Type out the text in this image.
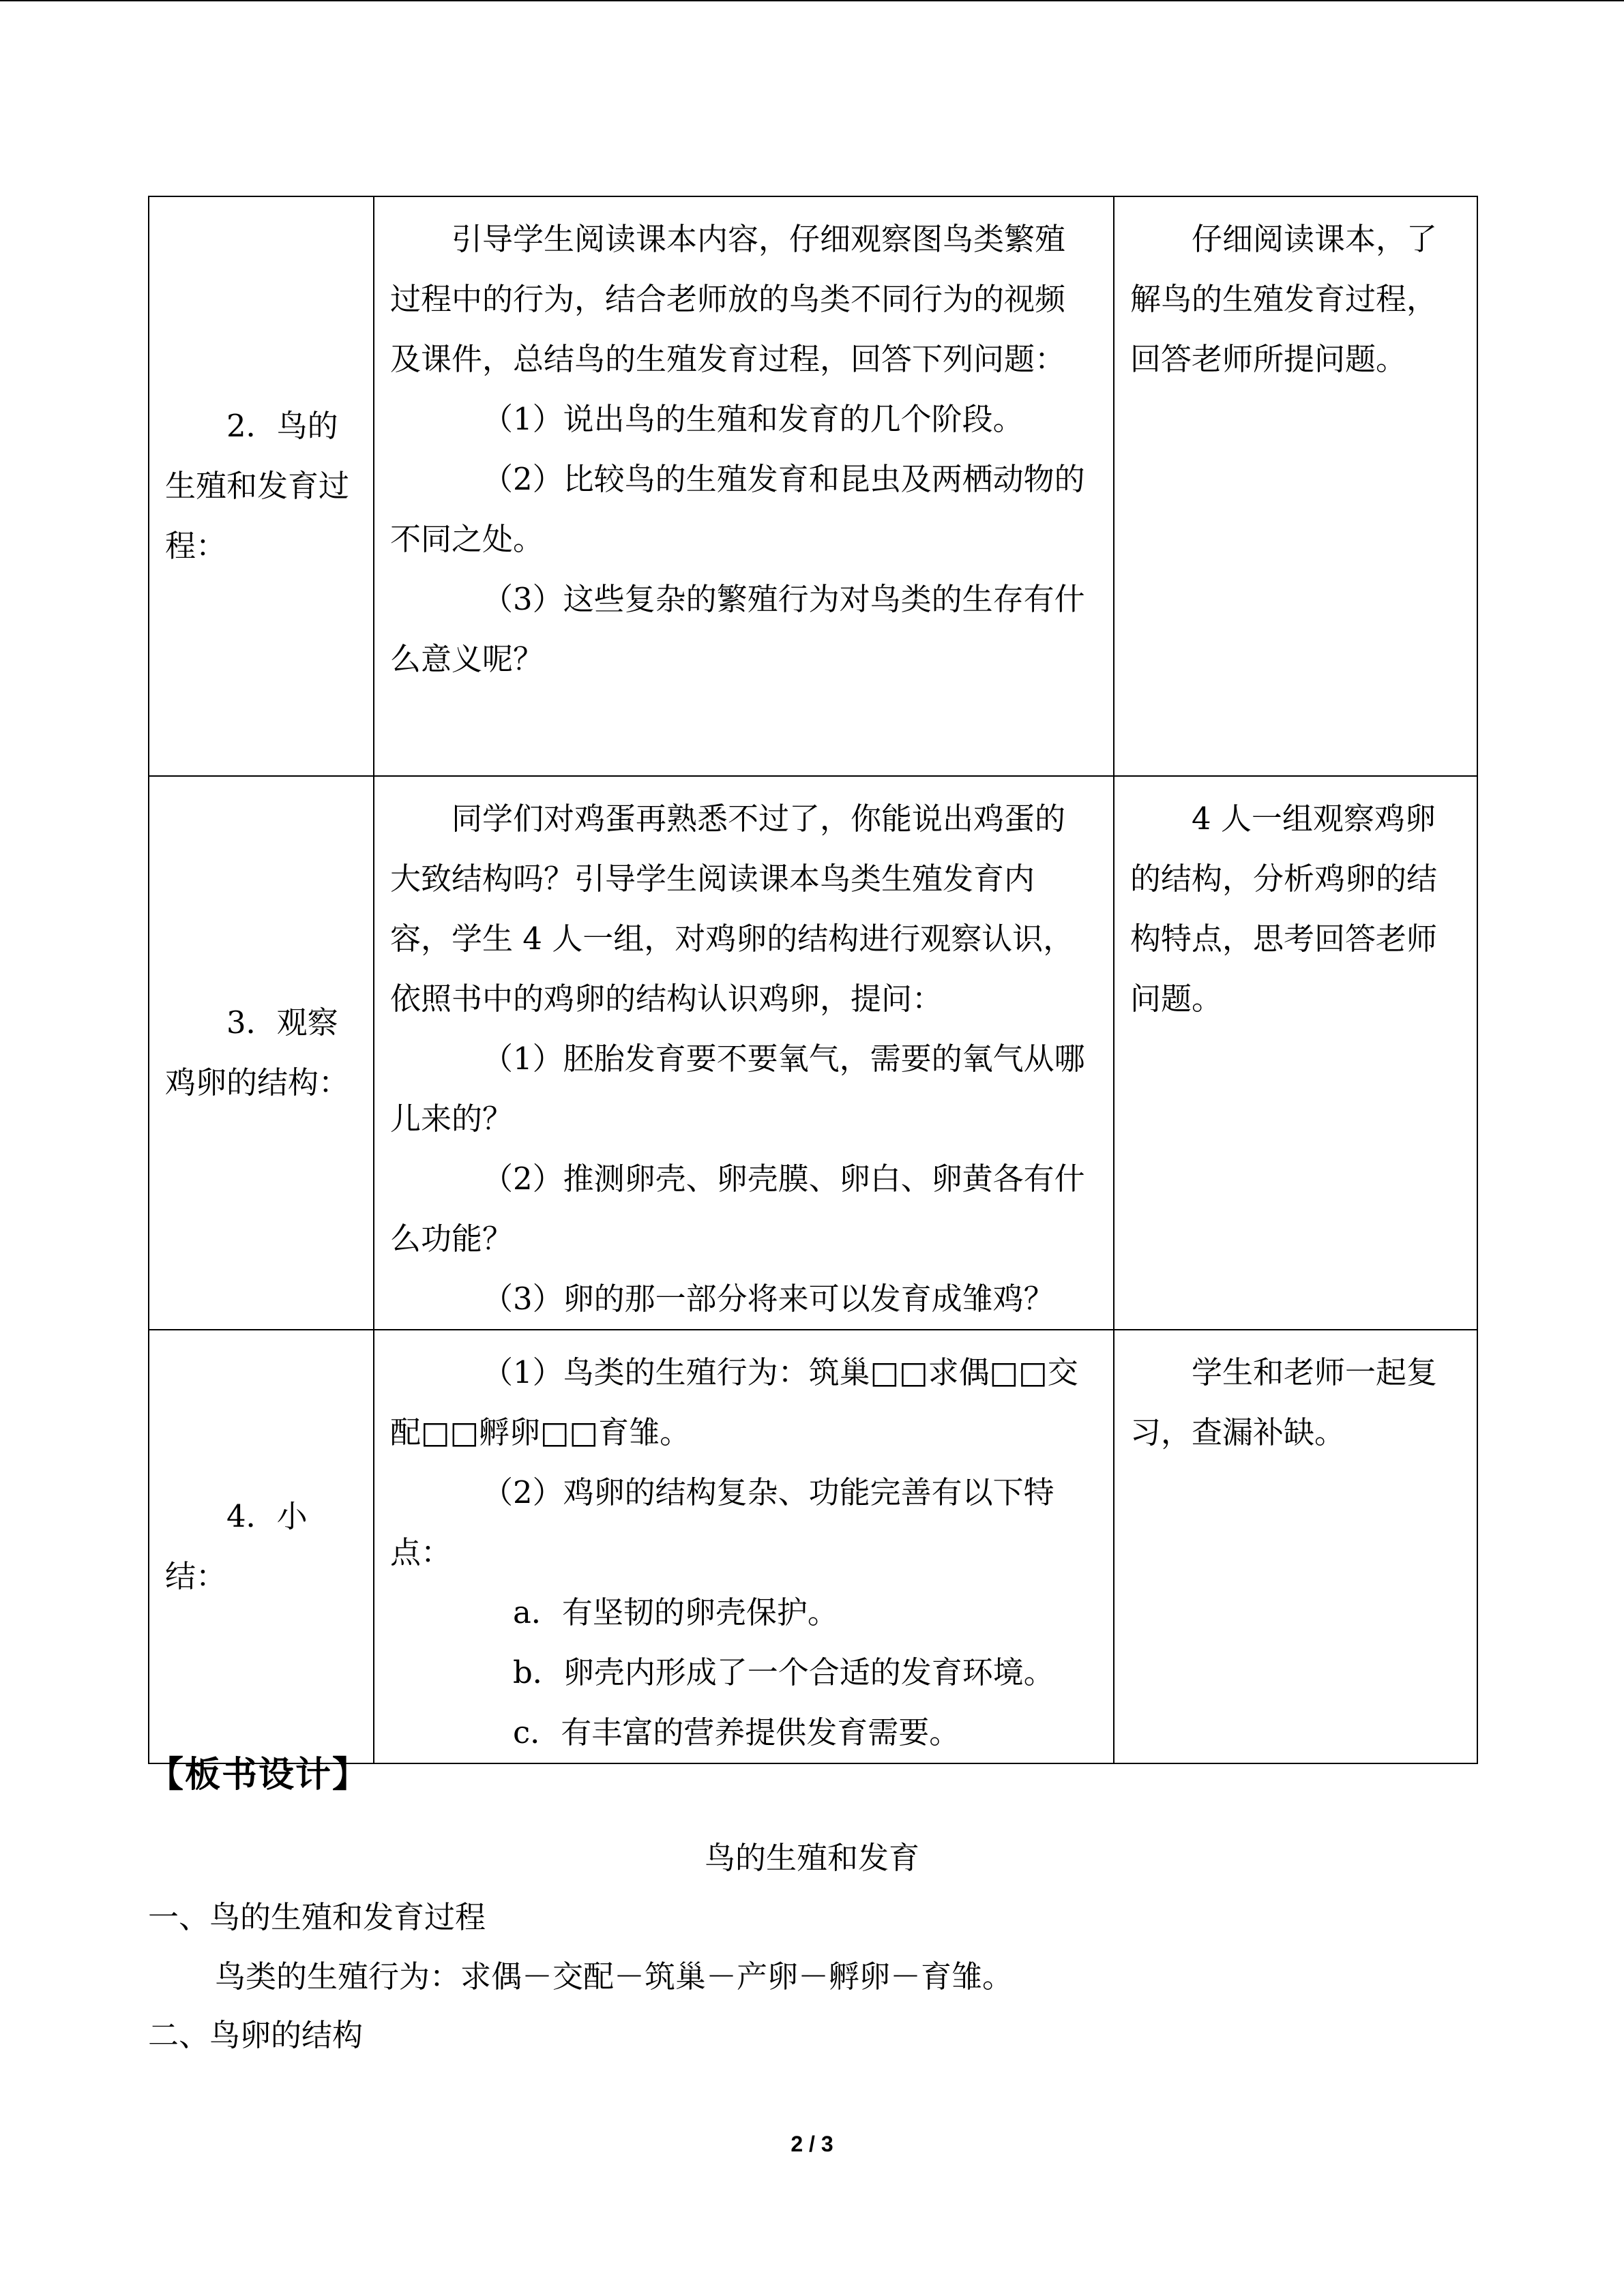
2．鸟的生殖和发育过程：	引导学生阅读课本内容，仔细观察图鸟类繁殖过程中的行为，结合老师放的鸟类不同行为的视频及课件，总结鸟的生殖发育过程，回答下列问题：

（1）说出鸟的生殖和发育的几个阶段。

（2）比较鸟的生殖发育和昆虫及两栖动物的不同之处。

（3）这些复杂的繁殖行为对鸟类的生存有什么意义呢？	仔细阅读课本，了解鸟的生殖发育过程，回答老师所提问题。

3．观察鸡卵的结构：	同学们对鸡蛋再熟悉不过了，你能说出鸡蛋的大致结构吗？引导学生阅读课本鸟类生殖发育内容，学生 4 人一组，对鸡卵的结构进行观察认识，依照书中的鸡卵的结构认识鸡卵，提问：

（1）胚胎发育要不要氧气，需要的氧气从哪儿来的？

（2）推测卵壳、卵壳膜、卵白、卵黄各有什么功能？

（3）卵的那一部分将来可以发育成雏鸡？	4 人一组观察鸡卵的结构，分析鸡卵的结构特点，思考回答老师问题。

4．小结：	（1）鸟类的生殖行为：筑巢□□求偶□□交配□□孵卵□□育雏。

（2）鸡卵的结构复杂、功能完善有以下特点：

a．有坚韧的卵壳保护。

b．卵壳内形成了一个合适的发育环境。

c．有丰富的营养提供发育需要。	学生和老师一起复习，查漏补缺。

【板书设计】
鸟的生殖和发育
一、鸟的生殖和发育过程
鸟类的生殖行为：求偶－交配－筑巢－产卵－孵卵－育雏。
二、鸟卵的结构
2 / 3
